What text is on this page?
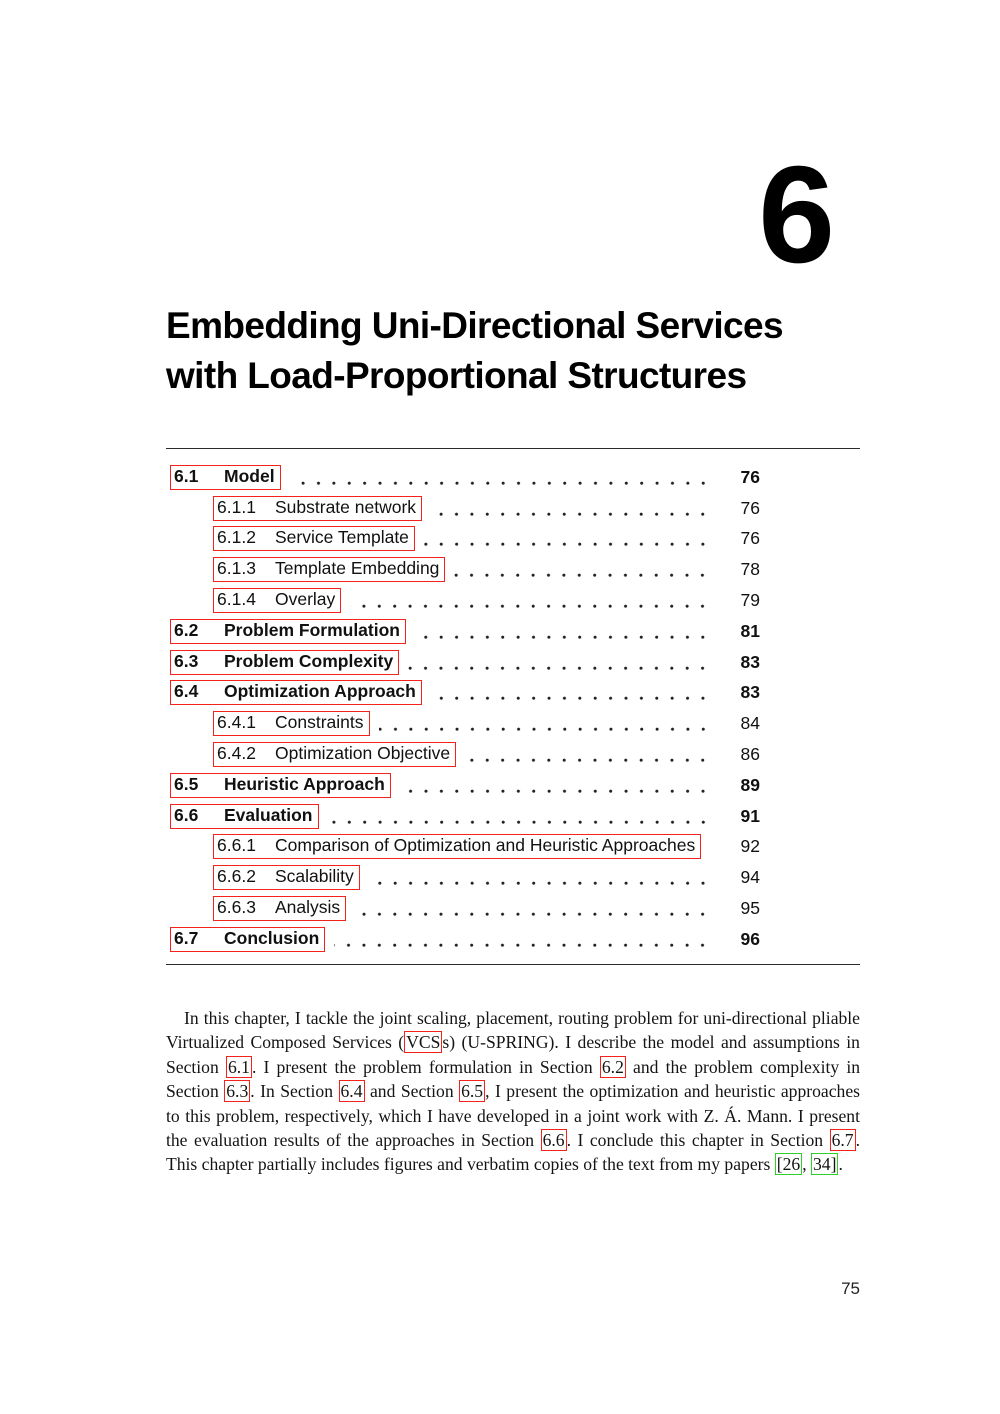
6
Embedding Uni-Directional Services
with Load-Proportional Structures
6.1	Model	76
6.1.1	Substrate network	76
6.1.2	Service Template	76
6.1.3	Template Embedding	78
6.1.4	Overlay	79
6.2	Problem Formulation	81
6.3	Problem Complexity	83
6.4	Optimization Approach	83
6.4.1	Constraints	84
6.4.2	Optimization Objective	86
6.5	Heuristic Approach	89
6.6	Evaluation	91
6.6.1	Comparison of Optimization and Heuristic Approaches	92
6.6.2	Scalability	94
6.6.3	Analysis	95
6.7	Conclusion	96

In this chapter, I tackle the joint scaling, placement, routing problem for uni-directional pliable Virtualized Composed Services ( VCS s) (U-SPRING). I describe the model and assumptions in Section 6.1 . I present the problem formulation in Section 6.2 and the problem complexity in Section 6.3 . In Section 6.4 and Section 6.5 , I present the optimization and heuristic approaches to this problem, respectively, which I have developed in a joint work with Z. Á. Mann. I present the evaluation results of the approaches in Section 6.6 . I conclude this chapter in Section 6.7 . This chapter partially includes figures and verbatim copies of the text from my papers [26 , 34] .

75
